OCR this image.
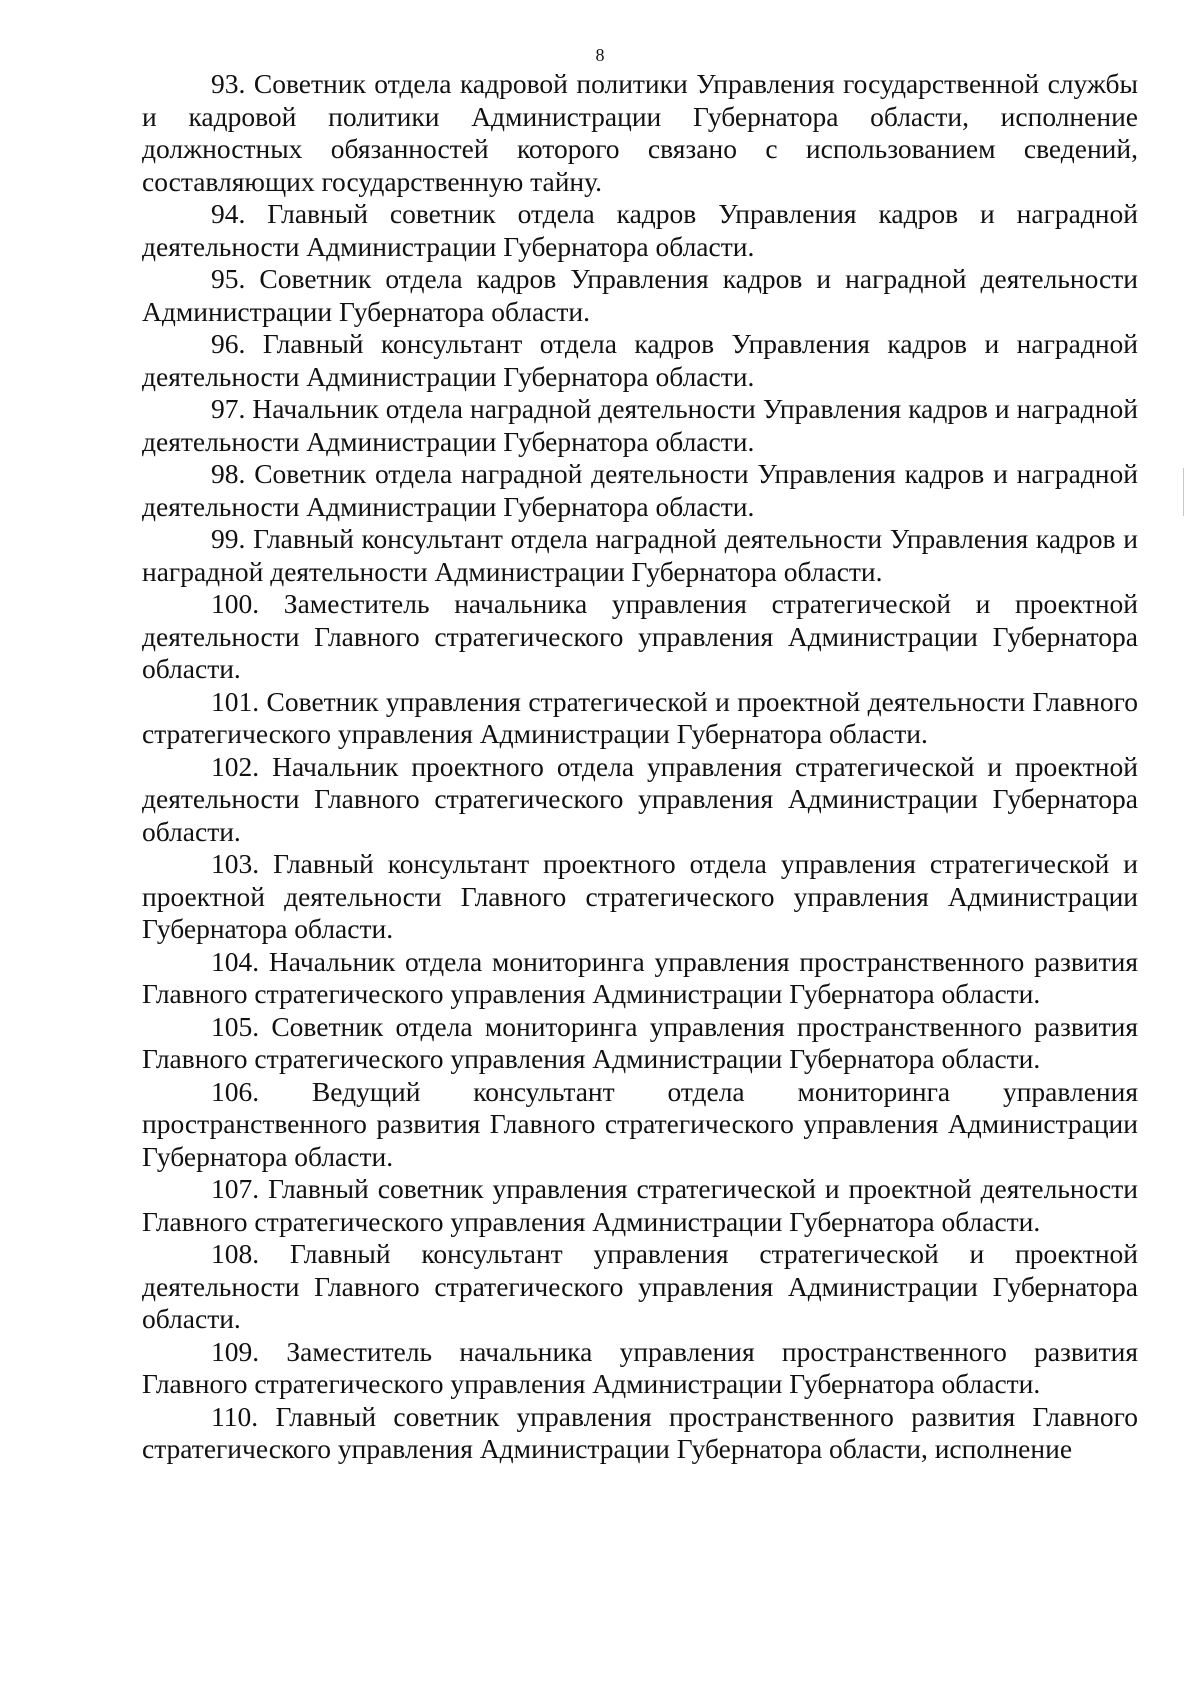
8

93. Советник отдела кадровой политики Управления государственной службы и кадровой политики Администрации Губернатора области, исполнение должностных обязанностей которого связано с использованием сведений, составляющих государственную тайну.

94. Главный советник отдела кадров Управления кадров и наградной деятельности Администрации Губернатора области.

95. Советник отдела кадров Управления кадров и наградной деятельности Администрации Губернатора области.

96. Главный консультант отдела кадров Управления кадров и наградной деятельности Администрации Губернатора области.

97. Начальник отдела наградной деятельности Управления кадров и наградной деятельности Администрации Губернатора области.

98. Советник отдела наградной деятельности Управления кадров и наградной деятельности Администрации Губернатора области.

99. Главный консультант отдела наградной деятельности Управления кадров и наградной деятельности Администрации Губернатора области.

100. Заместитель начальника управления стратегической и проектной деятельности Главного стратегического управления Администрации Губернатора области.

101. Советник управления стратегической и проектной деятельности Главного стратегического управления Администрации Губернатора области.

102. Начальник проектного отдела управления стратегической и проектной деятельности Главного стратегического управления Администрации Губернатора области.

103. Главный консультант проектного отдела управления стратегической и проектной деятельности Главного стратегического управления Администрации Губернатора области.

104. Начальник отдела мониторинга управления пространственного развития Главного стратегического управления Администрации Губернатора области.

105. Советник отдела мониторинга управления пространственного развития Главного стратегического управления Администрации Губернатора области.

106. Ведущий консультант отдела мониторинга управления пространственного развития Главного стратегического управления Администрации Губернатора области.

107. Главный советник управления стратегической и проектной деятельности Главного стратегического управления Администрации Губернатора области.

108. Главный консультант управления стратегической и проектной деятельности Главного стратегического управления Администрации Губернатора области.

109. Заместитель начальника управления пространственного развития Главного стратегического управления Администрации Губернатора области.

110. Главный советник управления пространственного развития Главного стратегического управления Администрации Губернатора области, исполнение
